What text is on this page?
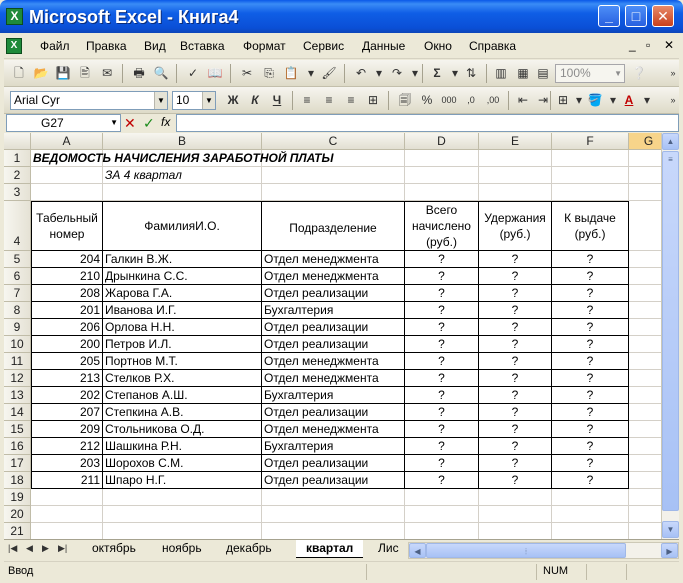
X Microsoft Excel - Книга4	_	□	✕
X	Файл Правка Вид Вставка Формат Сервис Данные Окно Справка	_ ▫ ✕
🗋 📂 💾 🖹	✉	🖶 🔍	✓ 📖	✂	⎘ 📋 ▾ 🖌	↶ ▾ ↷ ▾	Σ ▾ ⇅	▥ ▦ ▤ 100%	▼ ❔	»
Arial Cyr	▼ 10	▼ Ж	К	Ч	≡	≡	≡	⊞	🗐 %	000	,0	,00	⇤ ⇥ ⊞ ▾ 🪣 ▾ A ▾	»
G27	▼ ✕ ✓ fx
A	B	C	D	E	F	G
1
2
3
4
5
6
7
8
9
10
11
12
13
14
15
16
17
18
19
20
21
ВЕДОМОСТЬ НАЧИСЛЕНИЯ ЗАРАБОТНОЙ ПЛАТЫ
ЗА 4 квартал
Табельный номер
ФамилияИ.О.	Подразделение
Всего начислено (руб.)
Удержания (руб.)
К выдаче (руб.)
204 Галкин В.Ж.	Отдел менеджмента	?	?	?
210 Дрынкина С.С.	Отдел менеджмента	?	?	?
208 Жарова Г.А.	Отдел реализации	?	?	?
201 Иванова И.Г.	Бухгалтерия	?	?	?
206 Орлова Н.Н.	Отдел реализации	?	?	?
200 Петров И.Л.	Отдел реализации	?	?	?
205 Портнов М.Т.	Отдел менеджмента	?	?	?
213 Стелков Р.Х.	Отдел менеджмента	?	?	?
202 Степанов А.Ш.	Бухгалтерия	?	?	?
207 Степкина А.В.	Отдел реализации	?	?	?
209 Стольникова О.Д.	Отдел менеджмента	?	?	?
212 Шашкина Р.Н.	Бухгалтерия	?	?	?
203 Шорохов С.М.	Отдел реализации	?	?	?
211 Шпаро Н.Г.	Отдел реализации	?	?	?
▲
≡
▼
|◀ ◀ ▶ ▶| октябрь ноябрь декабрь	квартал	Лис	◀	⦙	▶
Ввод	NUM
